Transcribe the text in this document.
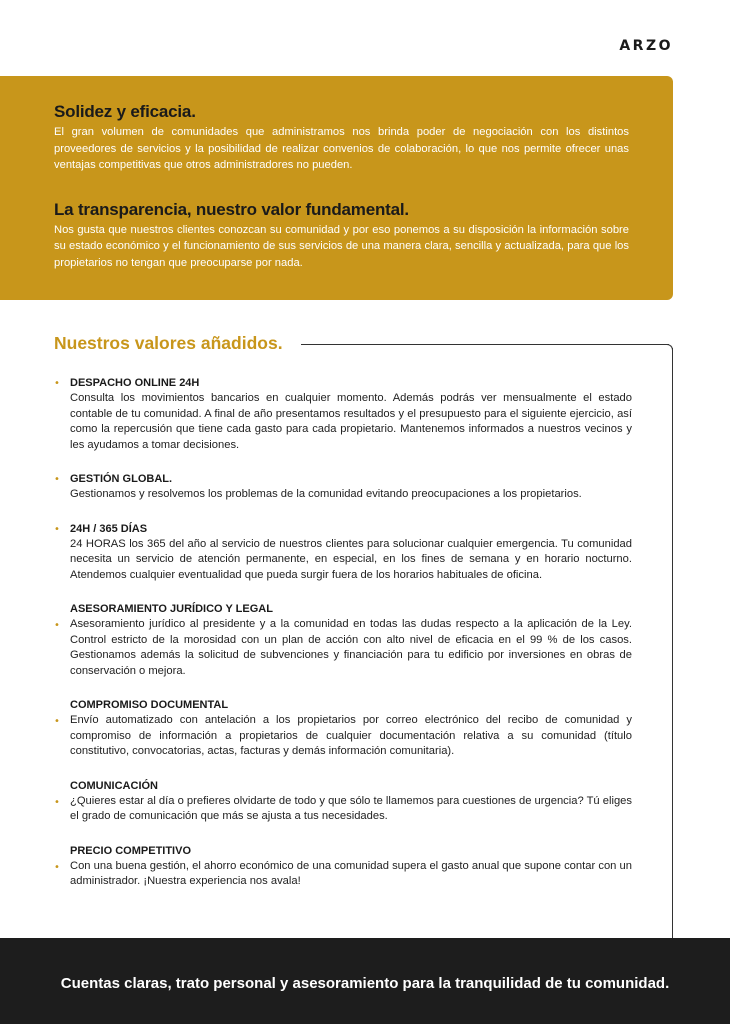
ARZO
Solidez y eficacia.

El gran volumen de comunidades que administramos nos brinda poder de negociación con los distintos proveedores de servicios y la posibilidad de realizar convenios de colaboración, lo que nos permite ofrecer unas ventajas competitivas que otros administradores no pueden.

La transparencia, nuestro valor fundamental.

Nos gusta que nuestros clientes conozcan su comunidad y por eso ponemos a su disposición la información sobre su estado económico y el funcionamiento de sus servicios de una manera clara, sencilla y actualizada, para que los propietarios no tengan que preocuparse por nada.

Nuestros valores añadidos.
• DESPACHO ONLINE 24H

Consulta los movimientos bancarios en cualquier momento. Además podrás ver mensualmente el estado contable de tu comunidad. A final de año presentamos resultados y el presupuesto para el siguiente ejercicio, así como la repercusión que tiene cada gasto para cada propietario. Mantenemos informados a nuestros vecinos y les ayudamos a tomar decisiones.

• GESTIÓN GLOBAL.

Gestionamos y resolvemos los problemas de la comunidad evitando preocupaciones a los propietarios.

• 24H / 365 DÍAS

24 HORAS los 365 del año al servicio de nuestros clientes para solucionar cualquier emergencia. Tu comunidad necesita un servicio de atención permanente, en especial, en los fines de semana y en horario nocturno. Atendemos cualquier eventualidad que pueda surgir fuera de los horarios habituales de oficina.

•
ASESORAMIENTO JURÍDICO Y LEGAL

Asesoramiento jurídico al presidente y a la comunidad en todas las dudas respecto a la aplicación de la Ley. Control estricto de la morosidad con un plan de acción con alto nivel de eficacia en el 99 % de los casos. Gestionamos además la solicitud de subvenciones y financiación para tu edificio por inversiones en obras de conservación o mejora.

•
COMPROMISO DOCUMENTAL

Envío automatizado con antelación a los propietarios por correo electrónico del recibo de comunidad y compromiso de información a propietarios de cualquier documentación relativa a su comunidad (título constitutivo, convocatorias, actas, facturas y demás información comunitaria).

•
COMUNICACIÓN

¿Quieres estar al día o prefieres olvidarte de todo y que sólo te llamemos para cuestiones de urgencia? Tú eliges el grado de comunicación que más se ajusta a tus necesidades.

•
PRECIO COMPETITIVO

Con una buena gestión, el ahorro económico de una comunidad supera el gasto anual que supone contar con un administrador. ¡Nuestra experiencia nos avala!

Cuentas claras, trato personal y asesoramiento para la tranquilidad de tu comunidad.
